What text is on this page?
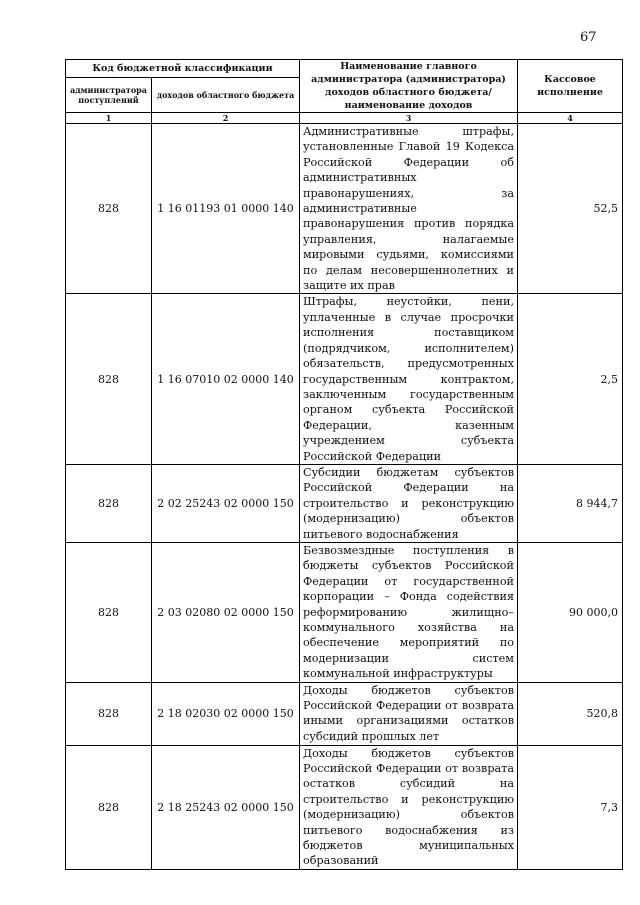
67
Код бюджетной классификации		Наименование главного администратора (администратора) доходов областного бюджета/ наименование доходов	Кассовое исполнение
администратора поступлений	доходов областного бюджета		
1	2	3	4
828	1 16 01193 01 0000 140	Административные штрафы, установленные Главой 19 Кодекса Российской Федерации об административных правонарушениях, за административные правонарушения против порядка управления, налагаемые мировыми судьями, комиссиями по делам несовершеннолетних и защите их прав	52,5
828	1 16 07010 02 0000 140	Штрафы, неустойки, пени, уплаченные в случае просрочки исполнения поставщиком (подрядчиком, исполнителем) обязательств, предусмотренных государственным контрактом, заключенным государственным органом субъекта Российской Федерации, казенным учреждением субъекта Российской Федерации	2,5
828	2 02 25243 02 0000 150	Субсидии бюджетам субъектов Российской Федерации на строительство и реконструкцию (модернизацию) объектов питьевого водоснабжения	8 944,7
828	2 03 02080 02 0000 150	Безвозмездные поступления в бюджеты субъектов Российской Федерации от государственной корпорации – Фонда содействия реформированию жилищно–коммунального хозяйства на обеспечение мероприятий по модернизации систем коммунальной инфраструктуры	90 000,0
828	2 18 02030 02 0000 150	Доходы бюджетов субъектов Российской Федерации от возврата иными организациями остатков субсидий прошлых лет	520,8
828	2 18 25243 02 0000 150	Доходы бюджетов субъектов Российской Федерации от возврата остатков субсидий на строительство и реконструкцию (модернизацию) объектов питьевого водоснабжения из бюджетов муниципальных образований	7,3
